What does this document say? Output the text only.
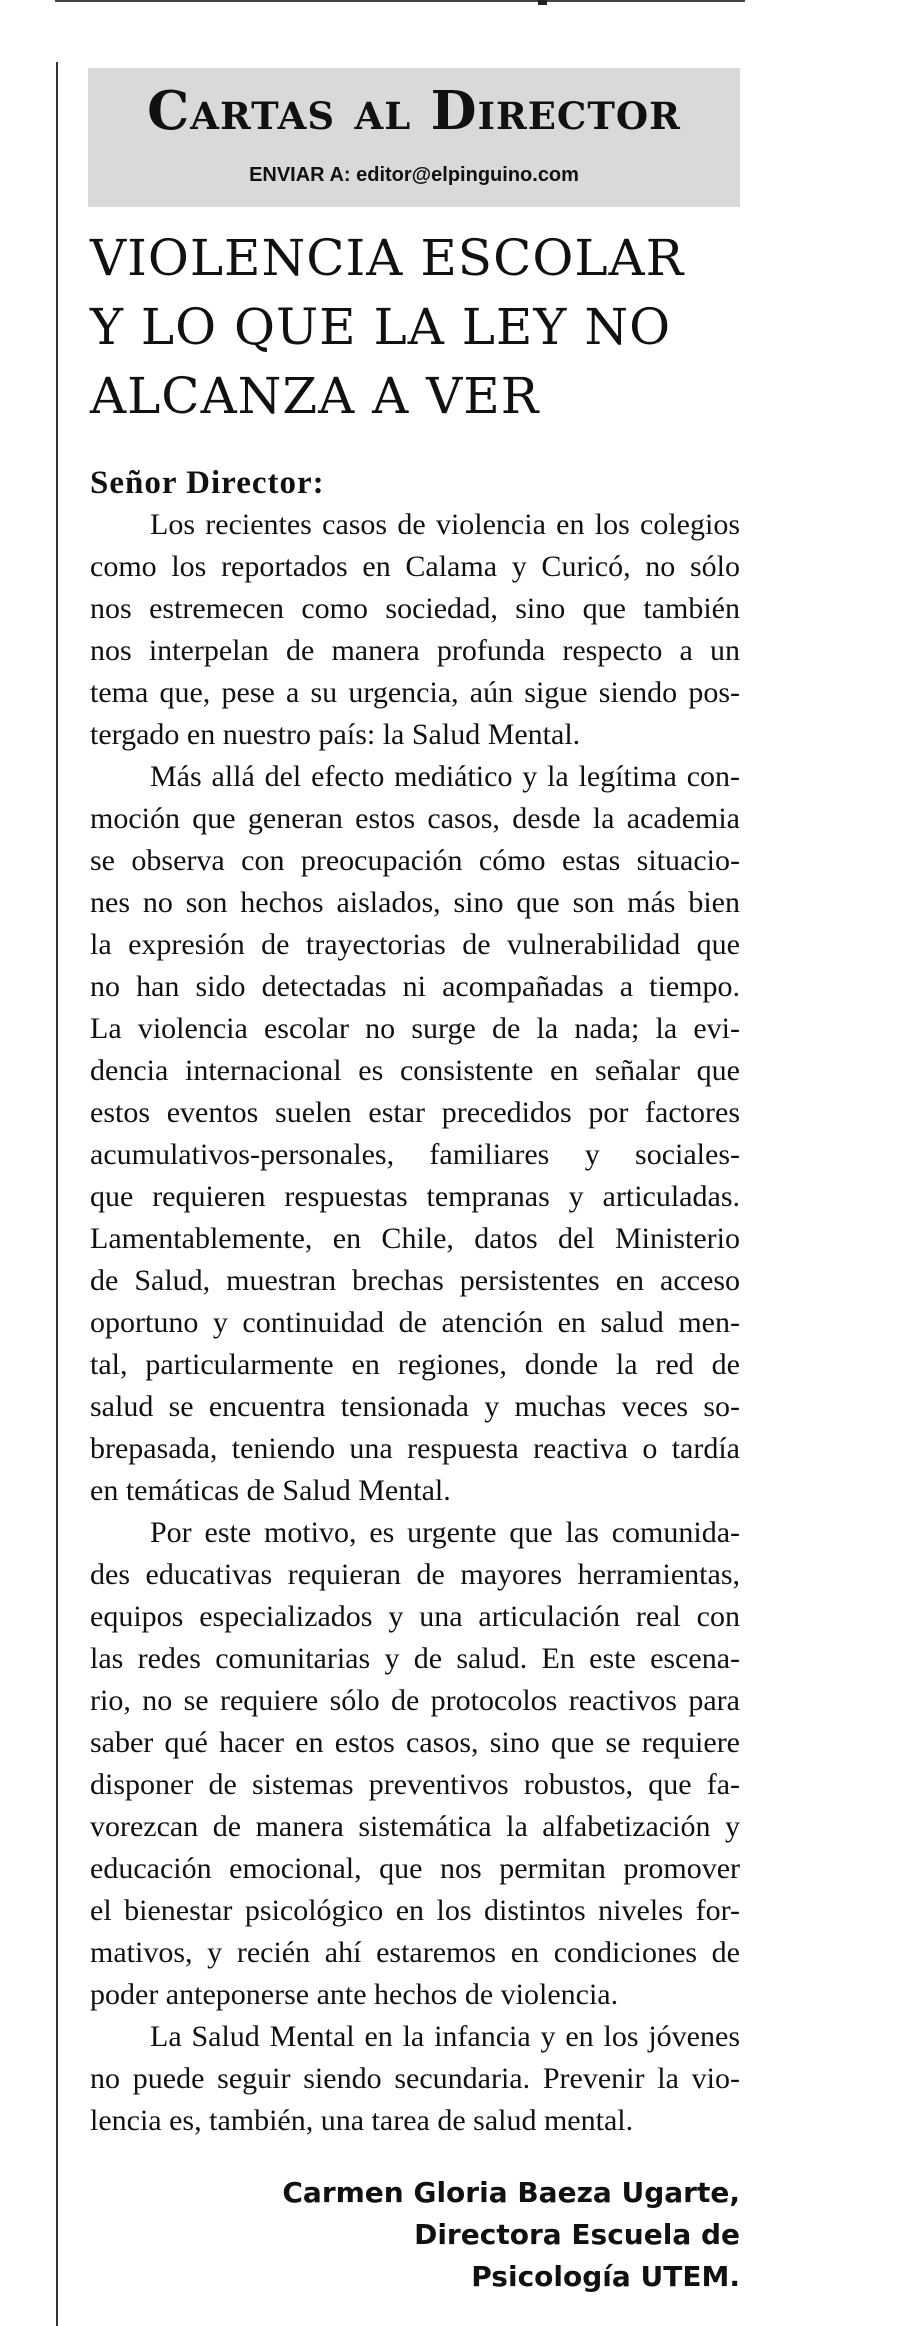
Cartas al Director
ENVIAR A: editor@elpinguino.com
VIOLENCIA ESCOLAR
Y LO QUE LA LEY NO
ALCANZA A VER
Señor Director:
Los recientes casos de violencia en los colegios
como los reportados en Calama y Curicó, no sólo
nos estremecen como sociedad, sino que también
nos interpelan de manera profunda respecto a un
tema que, pese a su urgencia, aún sigue siendo pos-
tergado en nuestro país: la Salud Mental.
Más allá del efecto mediático y la legítima con-
moción que generan estos casos, desde la academia
se observa con preocupación cómo estas situacio-
nes no son hechos aislados, sino que son más bien
la expresión de trayectorias de vulnerabilidad que
no han sido detectadas ni acompañadas a tiempo.
La violencia escolar no surge de la nada; la evi-
dencia internacional es consistente en señalar que
estos eventos suelen estar precedidos por factores
acumulativos-personales, familiares y sociales-
que requieren respuestas tempranas y articuladas.
Lamentablemente, en Chile, datos del Ministerio
de Salud, muestran brechas persistentes en acceso
oportuno y continuidad de atención en salud men-
tal, particularmente en regiones, donde la red de
salud se encuentra tensionada y muchas veces so-
brepasada, teniendo una respuesta reactiva o tardía
en temáticas de Salud Mental.
Por este motivo, es urgente que las comunida-
des educativas requieran de mayores herramientas,
equipos especializados y una articulación real con
las redes comunitarias y de salud. En este escena-
rio, no se requiere sólo de protocolos reactivos para
saber qué hacer en estos casos, sino que se requiere
disponer de sistemas preventivos robustos, que fa-
vorezcan de manera sistemática la alfabetización y
educación emocional, que nos permitan promover
el bienestar psicológico en los distintos niveles for-
mativos, y recién ahí estaremos en condiciones de
poder anteponerse ante hechos de violencia.
La Salud Mental en la infancia y en los jóvenes
no puede seguir siendo secundaria. Prevenir la vio-
lencia es, también, una tarea de salud mental.
Carmen Gloria Baeza Ugarte,
Directora Escuela de
Psicología UTEM.
